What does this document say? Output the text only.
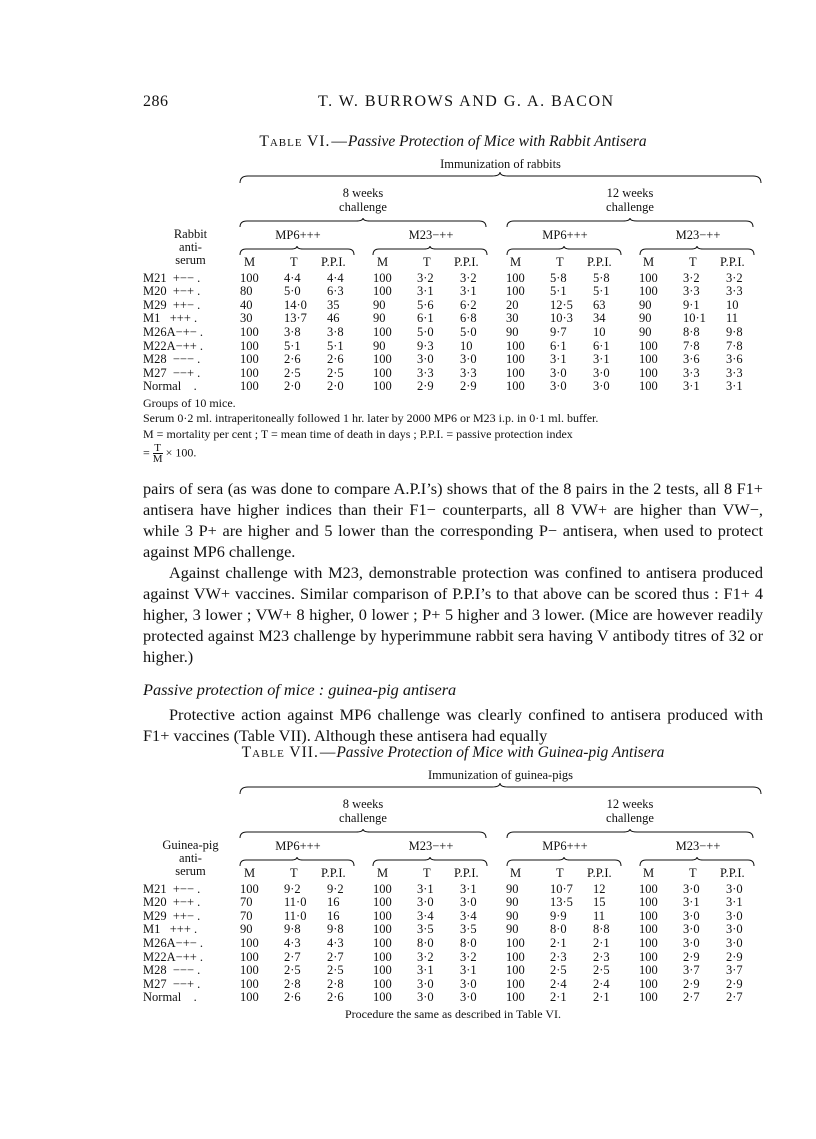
286	T. W. BURROWS AND G. A. BACON
Table VI.—Passive Protection of Mice with Rabbit Antisera
Immunization of rabbits
8 weeks
challenge
12 weeks
challenge
Rabbit
anti-
serum
MP6+++	M23−++	MP6+++	M23−++
	M	T	P.P.I.	M	T	P.P.I.	M	T	P.P.I.	M	T	P.P.I.
M21  +−− .	100	4·4	4·4	100	3·2	3·2	100	5·8	5·8	100	3·2	3·2
M20  +−+ .	80	5·0	6·3	100	3·1	3·1	100	5·1	5·1	100	3·3	3·3
M29  ++− .	40	14·0	35	90	5·6	6·2	20	12·5	63	90	9·1	10
M1   +++ .	30	13·7	46	90	6·1	6·8	30	10·3	34	90	10·1	11
M26A−+− .	100	3·8	3·8	100	5·0	5·0	90	9·7	10	90	8·8	9·8
M22A−++ .	100	5·1	5·1	90	9·3	10	100	6·1	6·1	100	7·8	7·8
M28  −−− .	100	2·6	2·6	100	3·0	3·0	100	3·1	3·1	100	3·6	3·6
M27  −−+ .	100	2·5	2·5	100	3·3	3·3	100	3·0	3·0	100	3·3	3·3
Normal    .	100	2·0	2·0	100	2·9	2·9	100	3·0	3·0	100	3·1	3·1
Groups of 10 mice.
Serum 0·2 ml. intraperitoneally followed 1 hr. later by 2000 MP6 or M23 i.p. in 0·1 ml. buffer.
M = mortality per cent ; T = mean time of death in days ; P.P.I. = passive protection index
= $\frac{T}{M} \times 100$.

pairs of sera (as was done to compare A.P.I’s) shows that of the 8 pairs in the 2 tests, all 8 F1+ antisera have higher indices than their F1− counterparts, all 8 VW+ are higher than VW−, while 3 P+ are higher and 5 lower than the corresponding P− antisera, when used to protect against MP6 challenge.

Against challenge with M23, demonstrable protection was confined to antisera produced against VW+ vaccines. Similar comparison of P.P.I’s to that above can be scored thus : F1+ 4 higher, 3 lower ; VW+ 8 higher, 0 lower ; P+ 5 higher and 3 lower. (Mice are however readily protected against M23 challenge by hyperimmune rabbit sera having V antibody titres of 32 or higher.)

Passive protection of mice : guinea-pig antisera

Protective action against MP6 challenge was clearly confined to antisera produced with F1+ vaccines (Table VII). Although these antisera had equally

Table VII.—Passive Protection of Mice with Guinea-pig Antisera
Immunization of guinea-pigs
8 weeks
challenge
12 weeks
challenge
Guinea-pig
anti-
serum
MP6+++	M23−++	MP6+++	M23−++
	M	T	P.P.I.	M	T	P.P.I.	M	T	P.P.I.	M	T	P.P.I.
M21  +−− .	100	9·2	9·2	100	3·1	3·1	90	10·7	12	100	3·0	3·0
M20  +−+ .	70	11·0	16	100	3·0	3·0	90	13·5	15	100	3·1	3·1
M29  ++− .	70	11·0	16	100	3·4	3·4	90	9·9	11	100	3·0	3·0
M1   +++ .	90	9·8	9·8	100	3·5	3·5	90	8·0	8·8	100	3·0	3·0
M26A−+− .	100	4·3	4·3	100	8·0	8·0	100	2·1	2·1	100	3·0	3·0
M22A−++ .	100	2·7	2·7	100	3·2	3·2	100	2·3	2·3	100	2·9	2·9
M28  −−− .	100	2·5	2·5	100	3·1	3·1	100	2·5	2·5	100	3·7	3·7
M27  −−+ .	100	2·8	2·8	100	3·0	3·0	100	2·4	2·4	100	2·9	2·9
Normal    .	100	2·6	2·6	100	3·0	3·0	100	2·1	2·1	100	2·7	2·7
Procedure the same as described in Table VI.
